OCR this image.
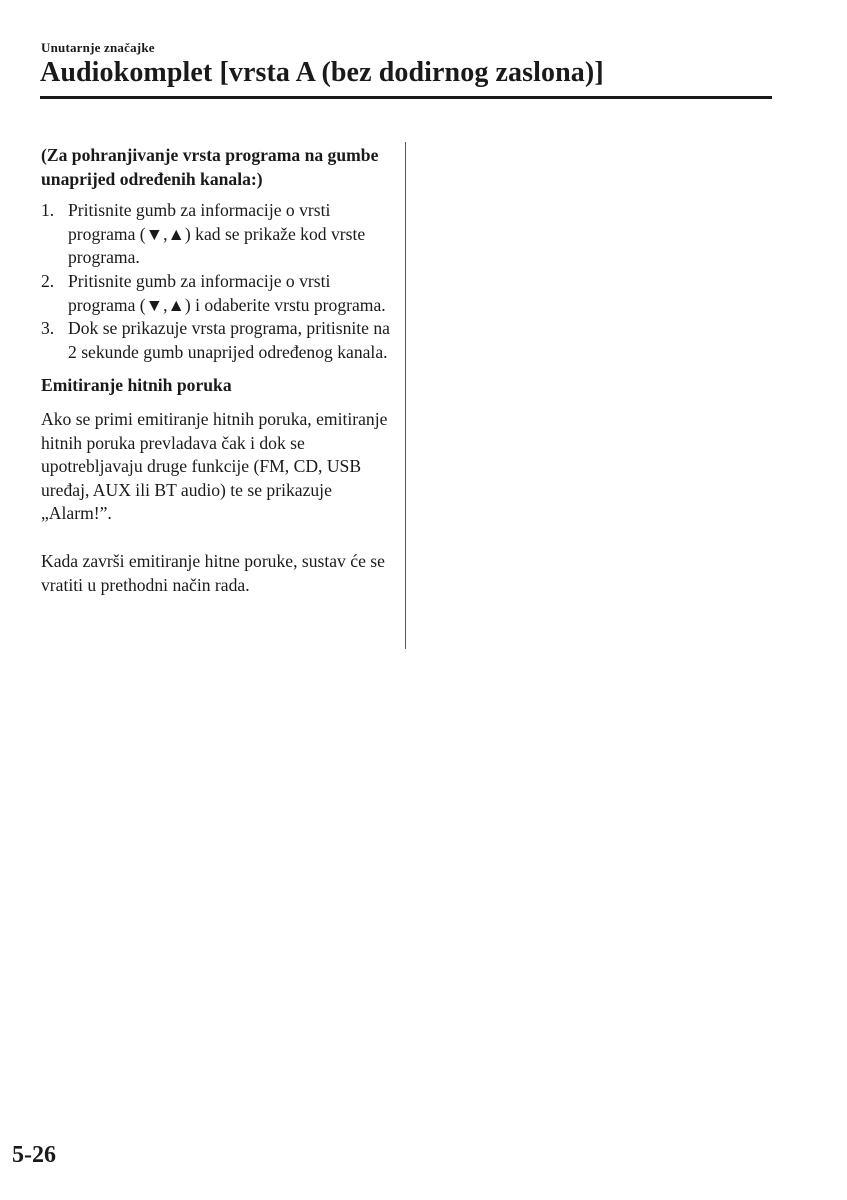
Unutarnje značajke
Audiokomplet [vrsta A (bez dodirnog zaslona)]

(Za pohranjivanje vrsta programa na gumbe unaprijed određenih kanala:)

1. Pritisnite gumb za informacije o vrsti programa (▼,▲) kad se prikaže kod vrste programa.
2. Pritisnite gumb za informacije o vrsti programa (▼,▲) i odaberite vrstu programa.
3. Dok se prikazuje vrsta programa, pritisnite na 2 sekunde gumb unaprijed određenog kanala.

Emitiranje hitnih poruka

Ako se primi emitiranje hitnih poruka, emitiranje hitnih poruka prevladava čak i dok se upotrebljavaju druge funkcije (FM, CD, USB uređaj, AUX ili BT audio) te se prikazuje „Alarm!”.

Kada završi emitiranje hitne poruke, sustav će se vratiti u prethodni način rada.

5-26
